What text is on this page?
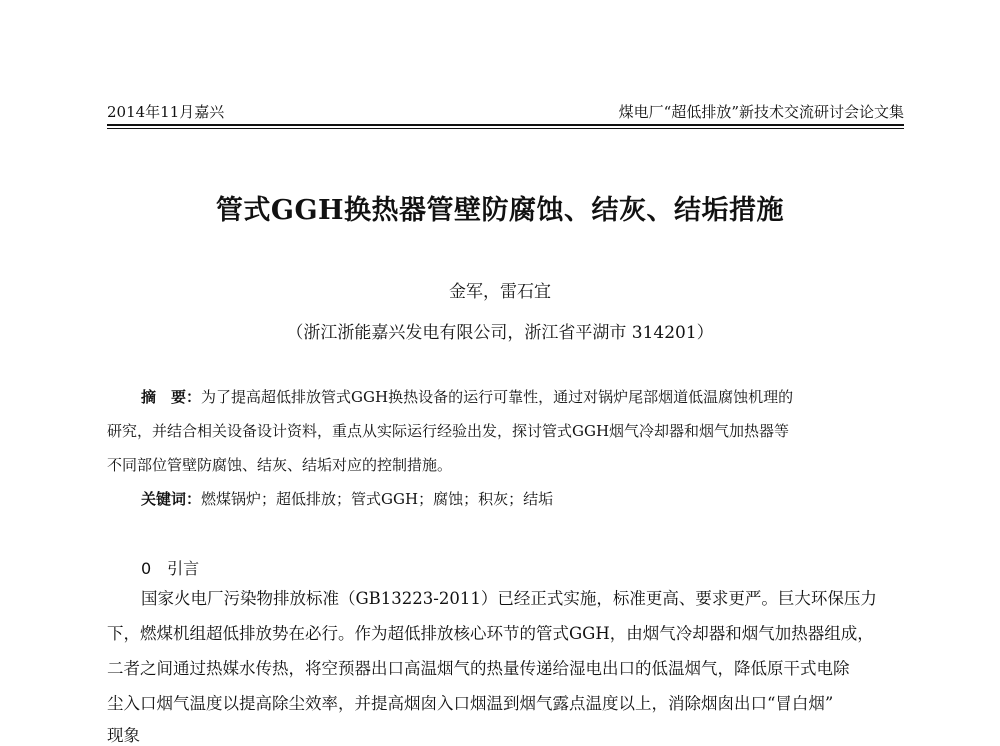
2014年11月嘉兴	煤电厂“超低排放”新技术交流研讨会论文集
管式GGH换热器管壁防腐蚀、结灰、结垢措施
金军，雷石宜
（浙江浙能嘉兴发电有限公司，浙江省平湖市 314201）
摘　要：为了提高超低排放管式GGH换热设备的运行可靠性，通过对锅炉尾部烟道低温腐蚀机理的
研究，并结合相关设备设计资料，重点从实际运行经验出发，探讨管式GGH烟气冷却器和烟气加热器等
不同部位管壁防腐蚀、结灰、结垢对应的控制措施。
关键词：燃煤锅炉；超低排放；管式GGH；腐蚀；积灰；结垢
0　引言
国家火电厂污染物排放标准（GB13223-2011）已经正式实施，标准更高、要求更严。巨大环保压力
下，燃煤机组超低排放势在必行。作为超低排放核心环节的管式GGH，由烟气冷却器和烟气加热器组成，
二者之间通过热媒水传热，将空预器出口高温烟气的热量传递给湿电出口的低温烟气，降低原干式电除
尘入口烟气温度以提高除尘效率，并提高烟囱入口烟温到烟气露点温度以上，消除烟囱出口“冒白烟”
现象
